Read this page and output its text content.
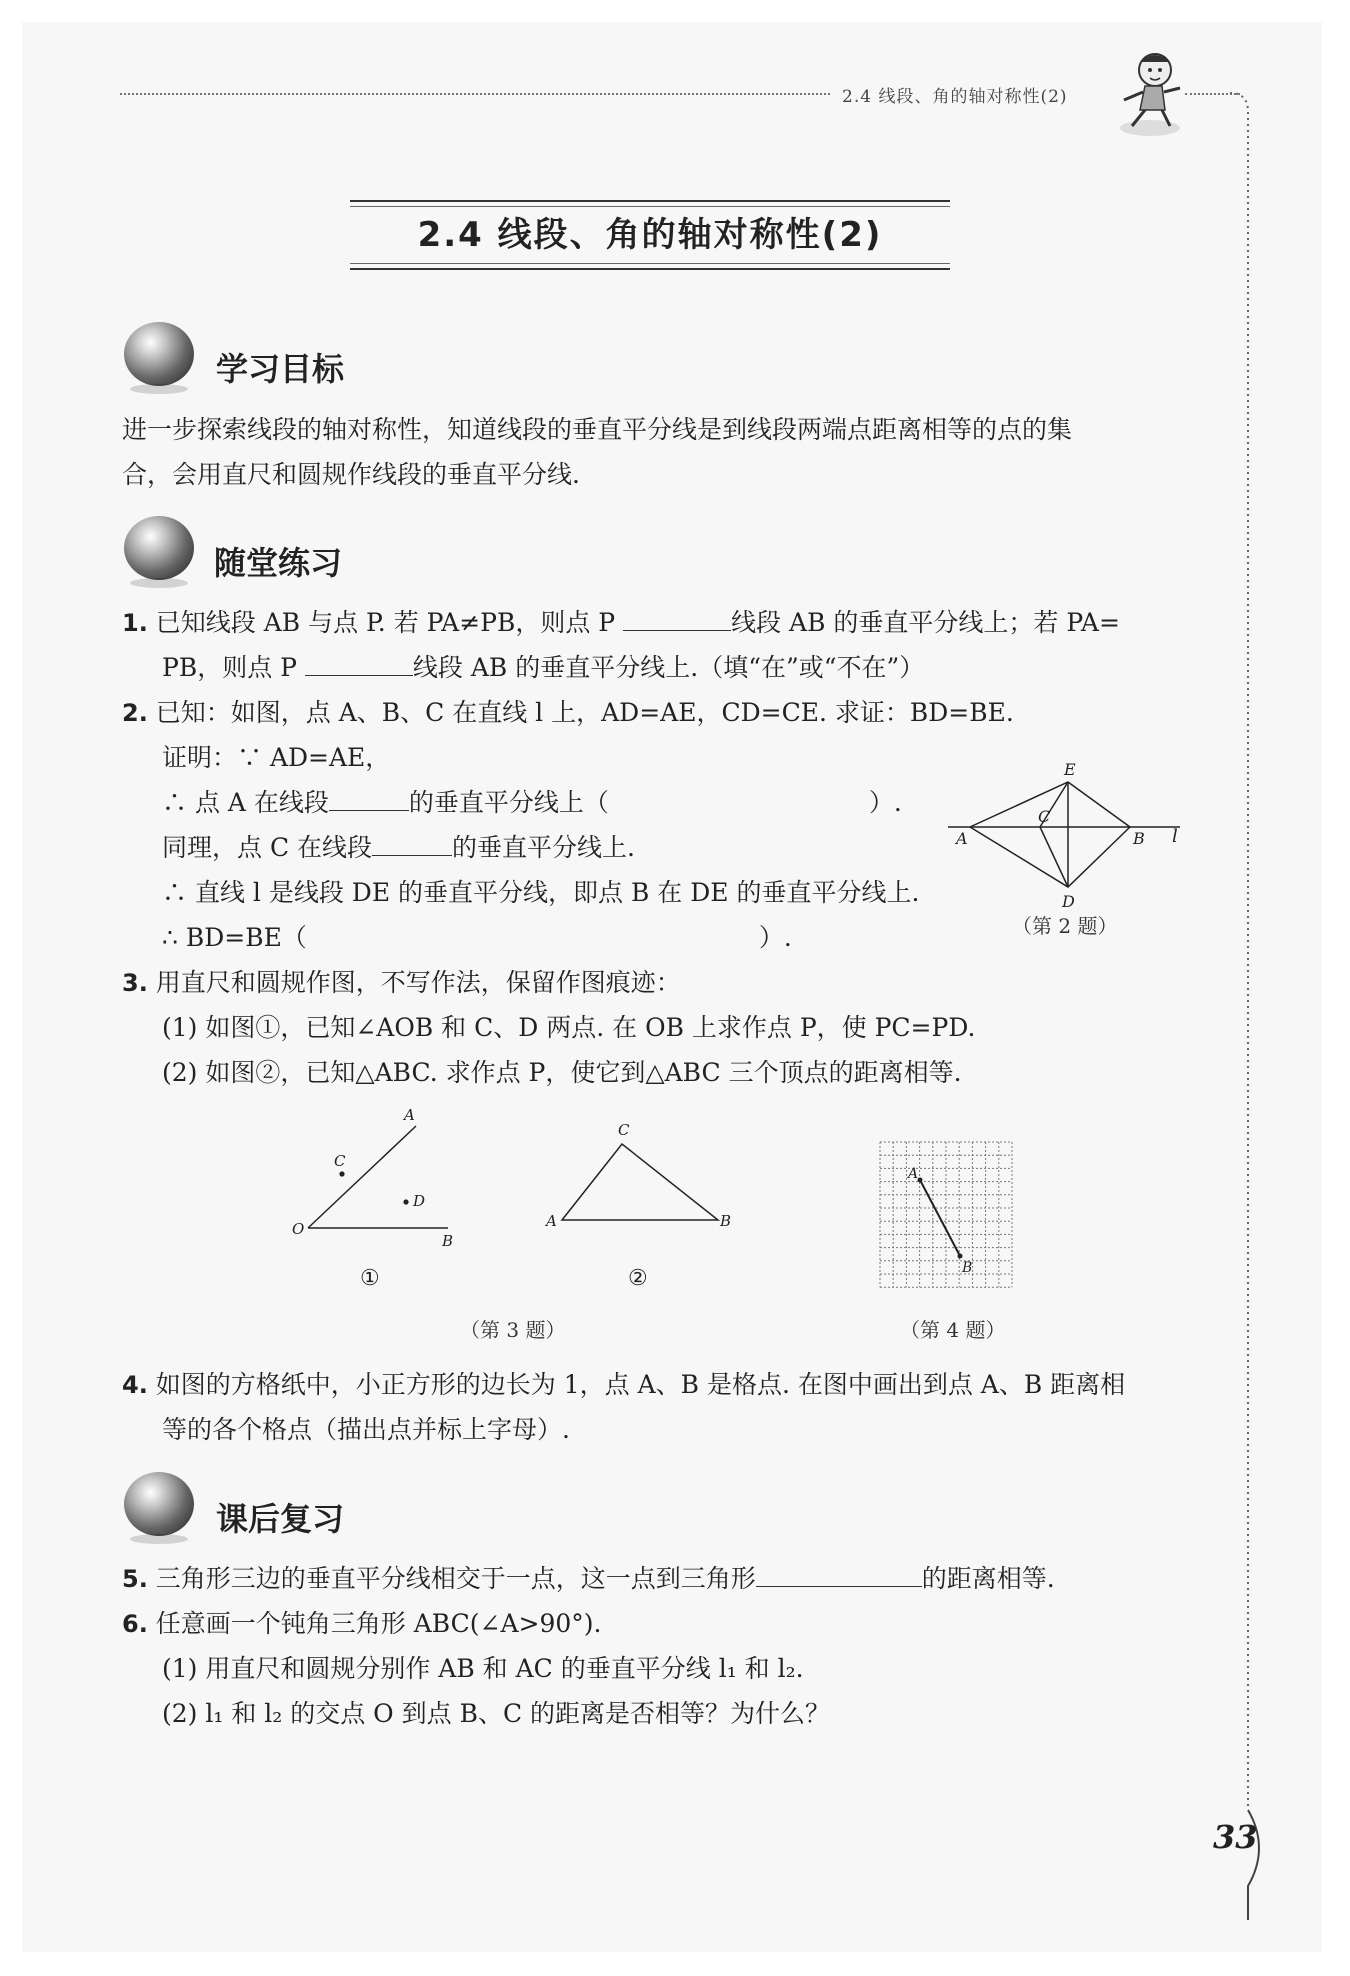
2.4 线段、角的轴对称性(2)
2.4 线段、角的轴对称性(2)
学习目标
进一步探索线段的轴对称性，知道线段的垂直平分线是到线段两端点距离相等的点的集
合，会用直尺和圆规作线段的垂直平分线.
随堂练习
1. 已知线段 AB 与点 P. 若 PA≠PB，则点 P	线段 AB 的垂直平分线上；若 PA=
PB，则点 P	线段 AB 的垂直平分线上.（填“在”或“不在”）
2. 已知：如图，点 A、B、C 在直线 l 上，AD=AE，CD=CE. 求证：BD=BE.
证明：∵ AD=AE，
∴ 点 A 在线段	的垂直平分线上（	）.
同理，点 C 在线段	的垂直平分线上.
∴ 直线 l 是线段 DE 的垂直平分线，即点 B 在 DE 的垂直平分线上.
∴ BD=BE（	）.
E
A
C
B l
D
（第 2 题）
3. 用直尺和圆规作图，不写作法，保留作图痕迹：
(1) 如图①，已知∠AOB 和 C、D 两点. 在 OB 上求作点 P，使 PC=PD.
(2) 如图②，已知△ABC. 求作点 P，使它到△ABC 三个顶点的距离相等.
A
C
D
O
B
①
C
A	B
②
（第 3 题）
A
B
（第 4 题）
4. 如图的方格纸中，小正方形的边长为 1，点 A、B 是格点. 在图中画出到点 A、B 距离相
等的各个格点（描出点并标上字母）.
课后复习
5. 三角形三边的垂直平分线相交于一点，这一点到三角形	的距离相等.
6. 任意画一个钝角三角形 ABC(∠A>90°).
(1) 用直尺和圆规分别作 AB 和 AC 的垂直平分线 l₁ 和 l₂.
(2) l₁ 和 l₂ 的交点 O 到点 B、C 的距离是否相等？为什么？
33
